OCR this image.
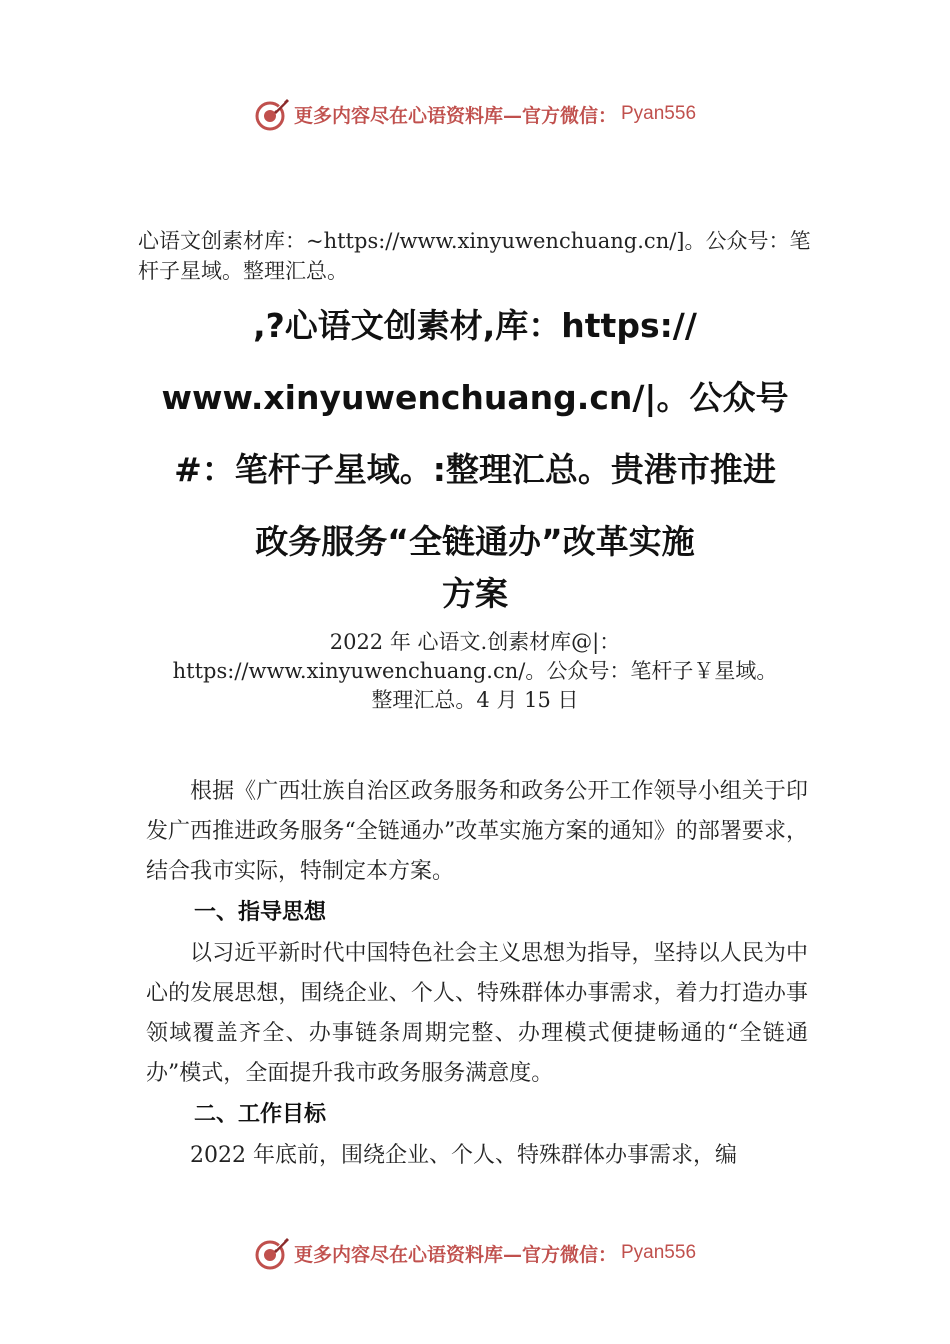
更多内容尽在心语资料库—官方微信： Pyan556
心语文创素材库：~https://www.xinyuwenchuang.cn/]。公众号：笔杆子星域。整理汇总。
,?心语文创素材,库：https://
www.xinyuwenchuang.cn/|。公众号
#：笔杆子星域。:整理汇总。贵港市推进
政务服务“全链通办”改革实施
方案
2022 年 心语文.创素材库@|：
https://www.xinyuwenchuang.cn/。公众号：笔杆子￥星域。
整理汇总。4 月 15 日

根据《广西壮族自治区政务服务和政务公开工作领导小组关于印发广西推进政务服务“全链通办”改革实施方案的通知》的部署要求，结合我市实际，特制定本方案。

一、指导思想

以习近平新时代中国特色社会主义思想为指导，坚持以人民为中心的发展思想，围绕企业、个人、特殊群体办事需求，着力打造办事领域覆盖齐全、办事链条周期完整、办理模式便捷畅通的“全链通办”模式，全面提升我市政务服务满意度。

二、工作目标

2022 年底前，围绕企业、个人、特殊群体办事需求，编

更多内容尽在心语资料库—官方微信： Pyan556
